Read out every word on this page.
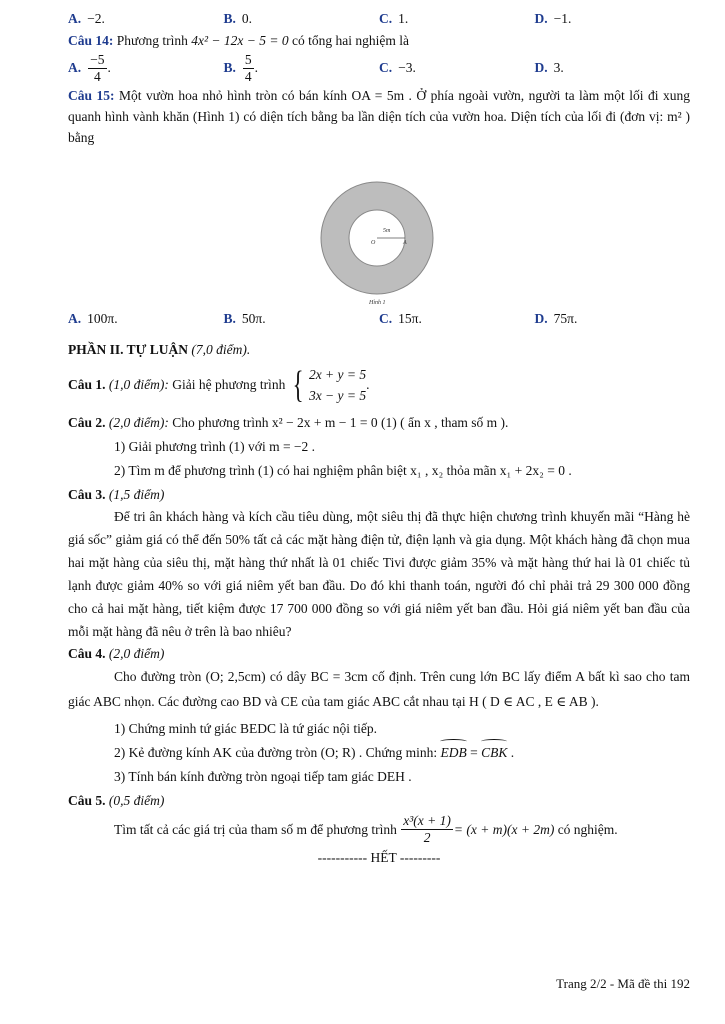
A. −2.	B. 0.	C. 1.	D. −1.
Câu 14: Phương trình 4x² − 12x − 5 = 0 có tổng hai nghiệm là
A. $\frac{-5}{4}$ .	B. $\frac{5}{4}$ .	C. −3.	D. 3.
Câu 15: Một vườn hoa nhỏ hình tròn có bán kính OA = 5m . Ở phía ngoài vườn, người ta làm một lối đi xung quanh hình vành khăn (Hình 1) có diện tích bằng ba lần diện tích của vườn hoa. Diện tích của lối đi (đơn vị: m² ) bằng
5m
O	A
Hình 1
A. 100π.	B. 50π.	C. 15π.	D. 75π.
PHẦN II. TỰ LUẬN (7,0 điểm).
Câu 1.
(1,0 điểm):
Giải hệ phương trình
{ 2x + y = 5
3x − y = 5
.
Câu 2. (2,0 điểm): Cho phương trình x² − 2x + m − 1 = 0 (1) ( ẩn x , tham số m ).
1) Giải phương trình (1) với m = −2 .
2) Tìm m để phương trình (1) có hai nghiệm phân biệt x₁ , x₂ thỏa mãn x₁ + 2x₂ = 0 .
Câu 3. (1,5 điểm)
Để tri ân khách hàng và kích cầu tiêu dùng, một siêu thị đã thực hiện chương trình khuyến mãi “Hàng hè giá sốc” giảm giá có thể đến 50% tất cả các mặt hàng điện tử, điện lạnh và gia dụng. Một khách hàng đã chọn mua hai mặt hàng của siêu thị, mặt hàng thứ nhất là 01 chiếc Tivi được giảm 35% và mặt hàng thứ hai là 01 chiếc tủ lạnh được giảm 40% so với giá niêm yết ban đầu. Do đó khi thanh toán, người đó chỉ phải trả 29 300 000 đồng cho cả hai mặt hàng, tiết kiệm được 17 700 000 đồng so với giá niêm yết ban đầu. Hỏi giá niêm yết ban đầu của mỗi mặt hàng đã nêu ở trên là bao nhiêu?
Câu 4. (2,0 điểm)
Cho đường tròn (O; 2,5cm) có dây BC = 3cm cố định. Trên cung lớn BC lấy điểm A bất kì sao cho tam giác ABC nhọn. Các đường cao BD và CE của tam giác ABC cắt nhau tại H ( D ∈ AC , E ∈ AB ).
1) Chứng minh tứ giác BEDC là tứ giác nội tiếp.
2) Kẻ đường kính AK của đường tròn (O; R) . Chứng minh: EDB = CBK .
3) Tính bán kính đường tròn ngoại tiếp tam giác DEH .
Câu 5. (0,5 điểm)
Tìm tất cả các giá trị của tham số m để phương trình
$\frac{\text{x³(x + 1)}}{2} = (x + m)(x + 2m)$
có nghiệm.
----------- HẾT ---------
Trang 2/2 - Mã đề thi 192
